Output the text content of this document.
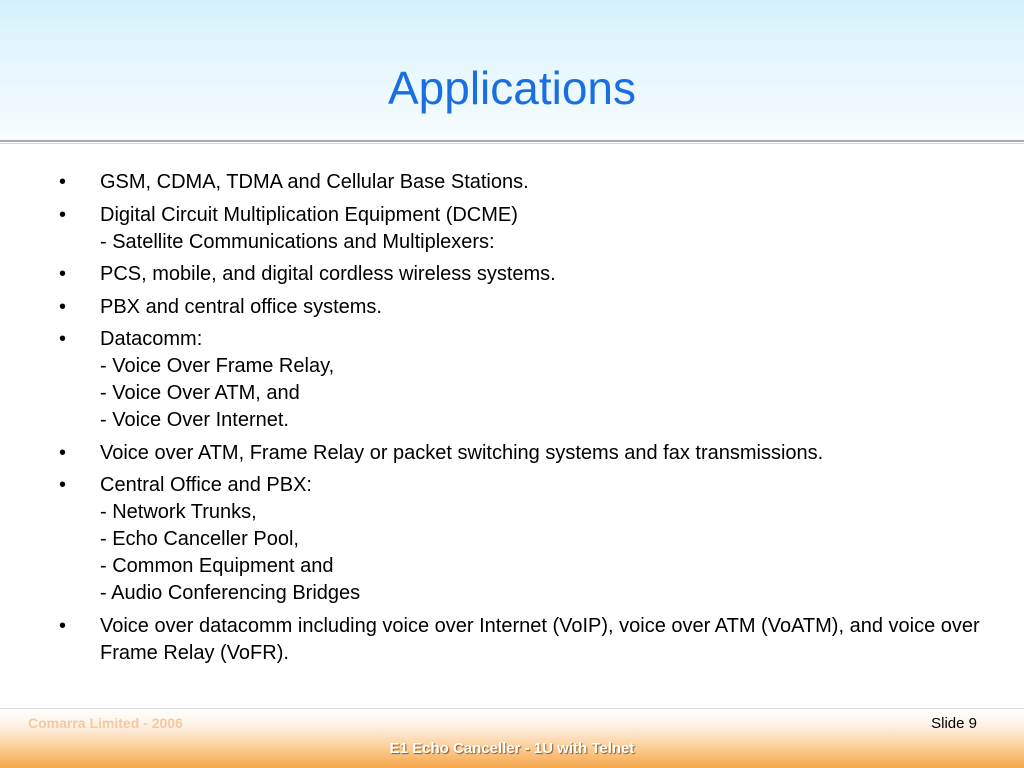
Applications
• GSM, CDMA, TDMA and Cellular Base Stations.
• Digital Circuit Multiplication Equipment (DCME)
- Satellite Communications and Multiplexers:
• PCS, mobile, and digital cordless wireless systems.
• PBX and central office systems.
• Datacomm:
- Voice Over Frame Relay,
- Voice Over ATM, and
- Voice Over Internet.
• Voice over ATM, Frame Relay or packet switching systems and fax transmissions.
• Central Office and PBX:
- Network Trunks,
- Echo Canceller Pool,
- Common Equipment and
- Audio Conferencing Bridges
• Voice over datacomm including voice over Internet (VoIP), voice over ATM (VoATM), and voice over Frame Relay (VoFR).
Comarra Limited - 2006	Slide 9
E1 Echo Canceller - 1U with Telnet
